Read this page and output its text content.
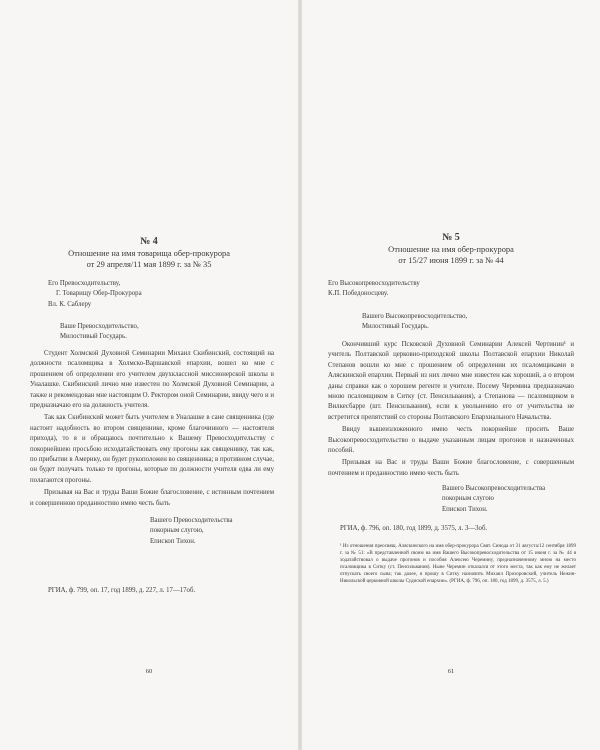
№ 4
Отношение на имя товарища обер-прокурора
от 29 апреля/11 мая 1899 г. за № 35
Его Превосходительству,
Г. Товарищу Обер-Прокурора
Вл. К. Саблеру
Ваше Превосходительство,
Милостивый Государь.

Студент Холмской Духовной Семинарии Михаил Скибинский, состоящий на должности псаломщика в Холмско-Варшавской епархии, вошел ко мне с прошением об определении его учителем двухклассной миссионерской школы в Уналашке. Скибинский лично мне известен по Холмской Духовной Семинарии, а также и рекомендован мне настоящим О. Ректором оной Семинарии, ввиду чего и и предназначаю его на должность учителя.

Так как Скибинский может быть учителем в Уналашке в сане священника (где настоит надобность во втором священнике, кроме благочинного — настоятеля прихода), то я и обращаюсь почтительно к Вашему Превосходительству с покорнейшею просьбою исходатайствовать ему прогоны как священнику, так как, по прибытии в Америку, он будет рукоположен во священника; в противном случае, он будет получать только те прогоны, которые по должности учителя едва ли ему полагаются прогоны.

Призывая на Вас и труды Ваши Божие благословение, с истинным почтением и совершенною преданностию имею честь быть

Вашего Превосходительства
покорным слугою,
Епископ Тихон.
РГИА, ф. 799, оп. 17, год 1899, д. 227, л. 17—17об.
60
№ 5
Отношение на имя обер-прокурора
от 15/27 июня 1899 г. за № 44
Его Высокопревосходительству
К.П. Победоносцеву.
Вашего Высокопревосходительство,
Милостивый Государь.

Окончивший курс Псковской Духовной Семинарии Алексей Чертинин¹ и учитель Полтавской церковно-приходской школы Полтавской епархии Николай Степанов вошли ко мне с прошением об определении их псаломщиками в Аляскинской епархии. Первый из них лично мне известен как хороший, а о втором даны справки как о хорошем регенте и учителе. Посему Черемина предназначаю мною псаломщиком в Ситку (ст. Пенсильвания), а Степанова — псаломщиком в Вилкесбарре (шт. Пенсильвания), если к увольнению его от учительства не встретится препятствий со стороны Полтавского Епархиального Начальства.

Ввиду вышеизложенного имею честь покорнейше просить Ваше Высокопревосходительство о выдаче указанным лицам прогонов и назначенных пособий.

Призывая на Вас и труды Ваши Божие благословение, с совершенным почтением и преданностию имею честь быть

Вашего Высокопревосходительства
покорным слугою
Епископ Тихон.
РГИА, ф. 796, оп. 180, год 1899, д. 3575, л. 3—3об.
¹ Из отношения преосвящ. Аляскинского на имя обер-прокурора Свят. Синода от 31 августа/12 сентября 1899 г. за № 51: «В представленной своим на имя Вашего Высокопревосходительства от 15 июня г. за № 44 я ходатайствовал о выдаче прогонов и пособия Алексею Черемину, предназначенному мною на место псаломщика в Ситку (ст. Пенсильвания). Ныне Черемин отказался от этого места, так как ему не желает отпускать своего сына; так далее, я прошу в Ситку назначить Михаил Прохоровский, учитель Нежин-Никольской церковной школы Судиской епархии». (РГИА, ф. 796, оп. 180, год 1899, д. 3575, л. 5.)
61
